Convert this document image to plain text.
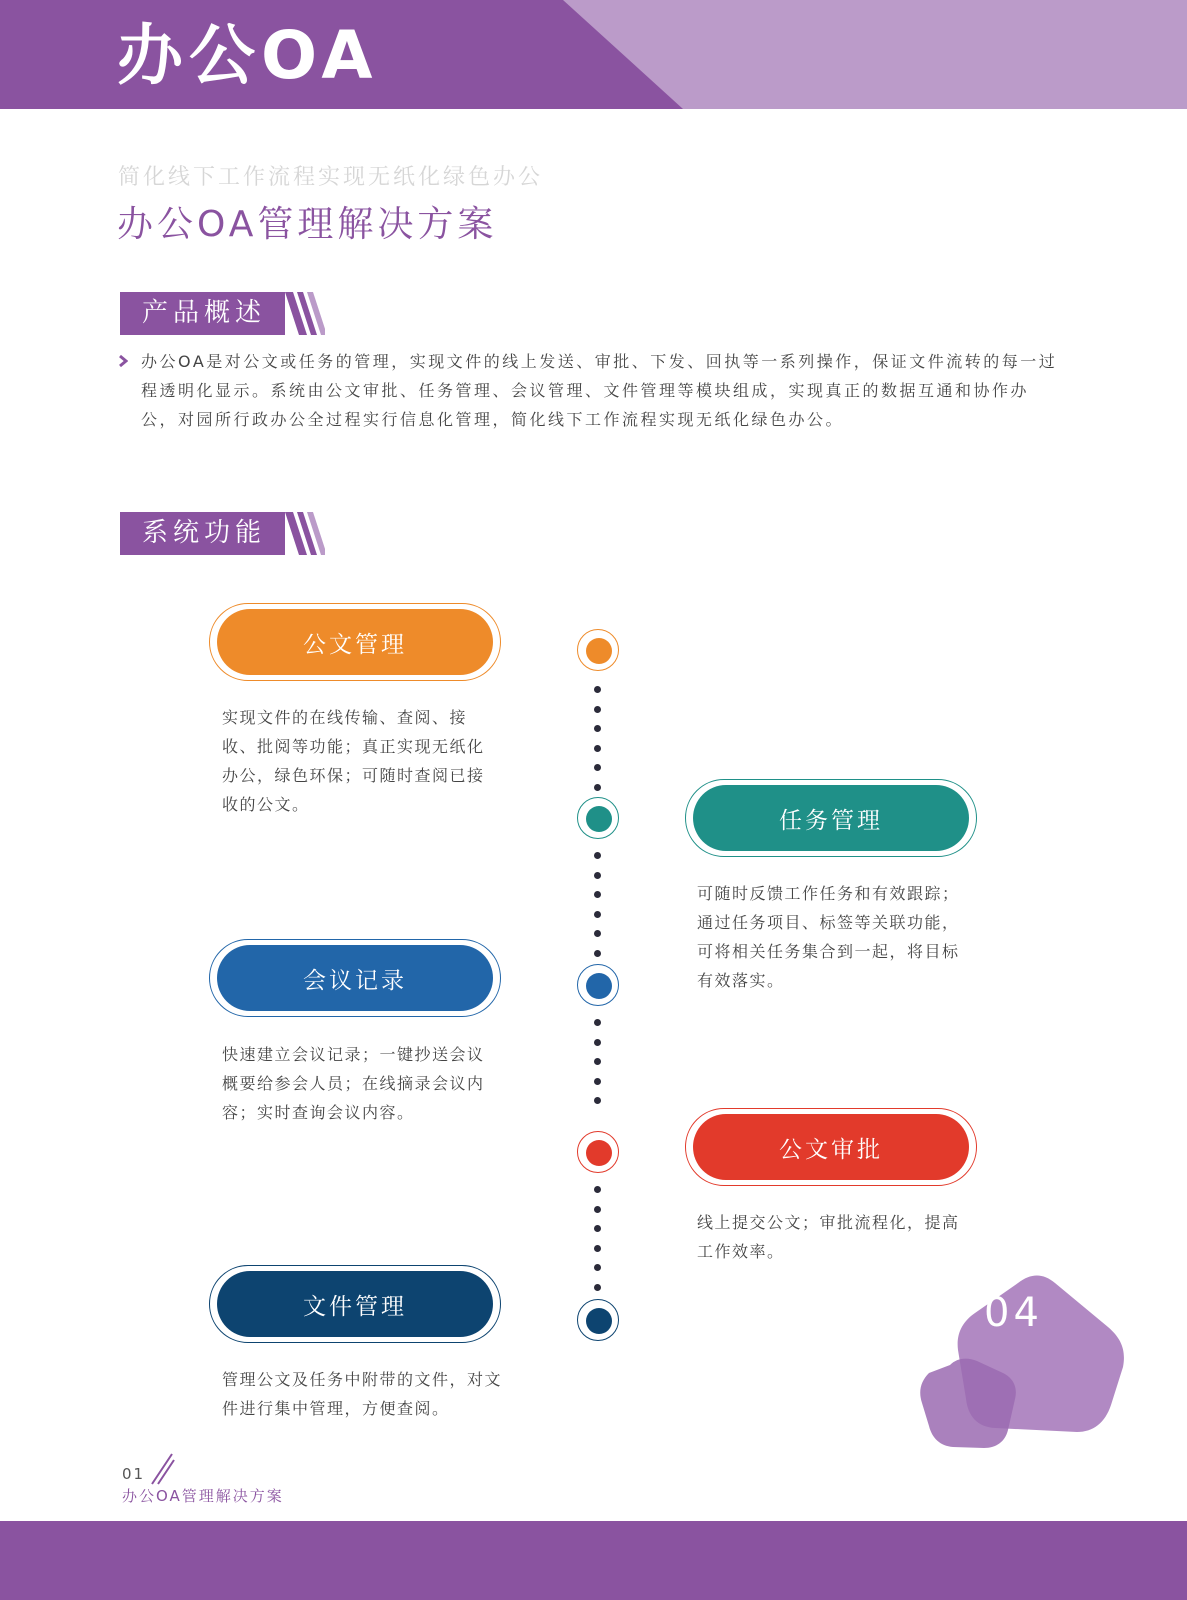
办公OA
简化线下工作流程实现无纸化绿色办公
办公OA管理解决方案
产品概述
办公OA是对公文或任务的管理，实现文件的线上发送、审批、下发、回执等一系列操作，保证文件流转的每一过程透明化显示。系统由公文审批、任务管理、会议管理、文件管理等模块组成，实现真正的数据互通和协作办公，对园所行政办公全过程实行信息化管理，简化线下工作流程实现无纸化绿色办公。
系统功能
公文管理
实现文件的在线传输、查阅、接收、批阅等功能；真正实现无纸化办公，绿色环保；可随时查阅已接收的公文。
任务管理
可随时反馈工作任务和有效跟踪；通过任务项目、标签等关联功能，可将相关任务集合到一起，将目标有效落实。
会议记录
快速建立会议记录；一键抄送会议概要给参会人员；在线摘录会议内容；实时查询会议内容。
公文审批
线上提交公文；审批流程化，提高工作效率。
文件管理
管理公文及任务中附带的文件，对文件进行集中管理，方便查阅。
04
01
办公OA管理解决方案
